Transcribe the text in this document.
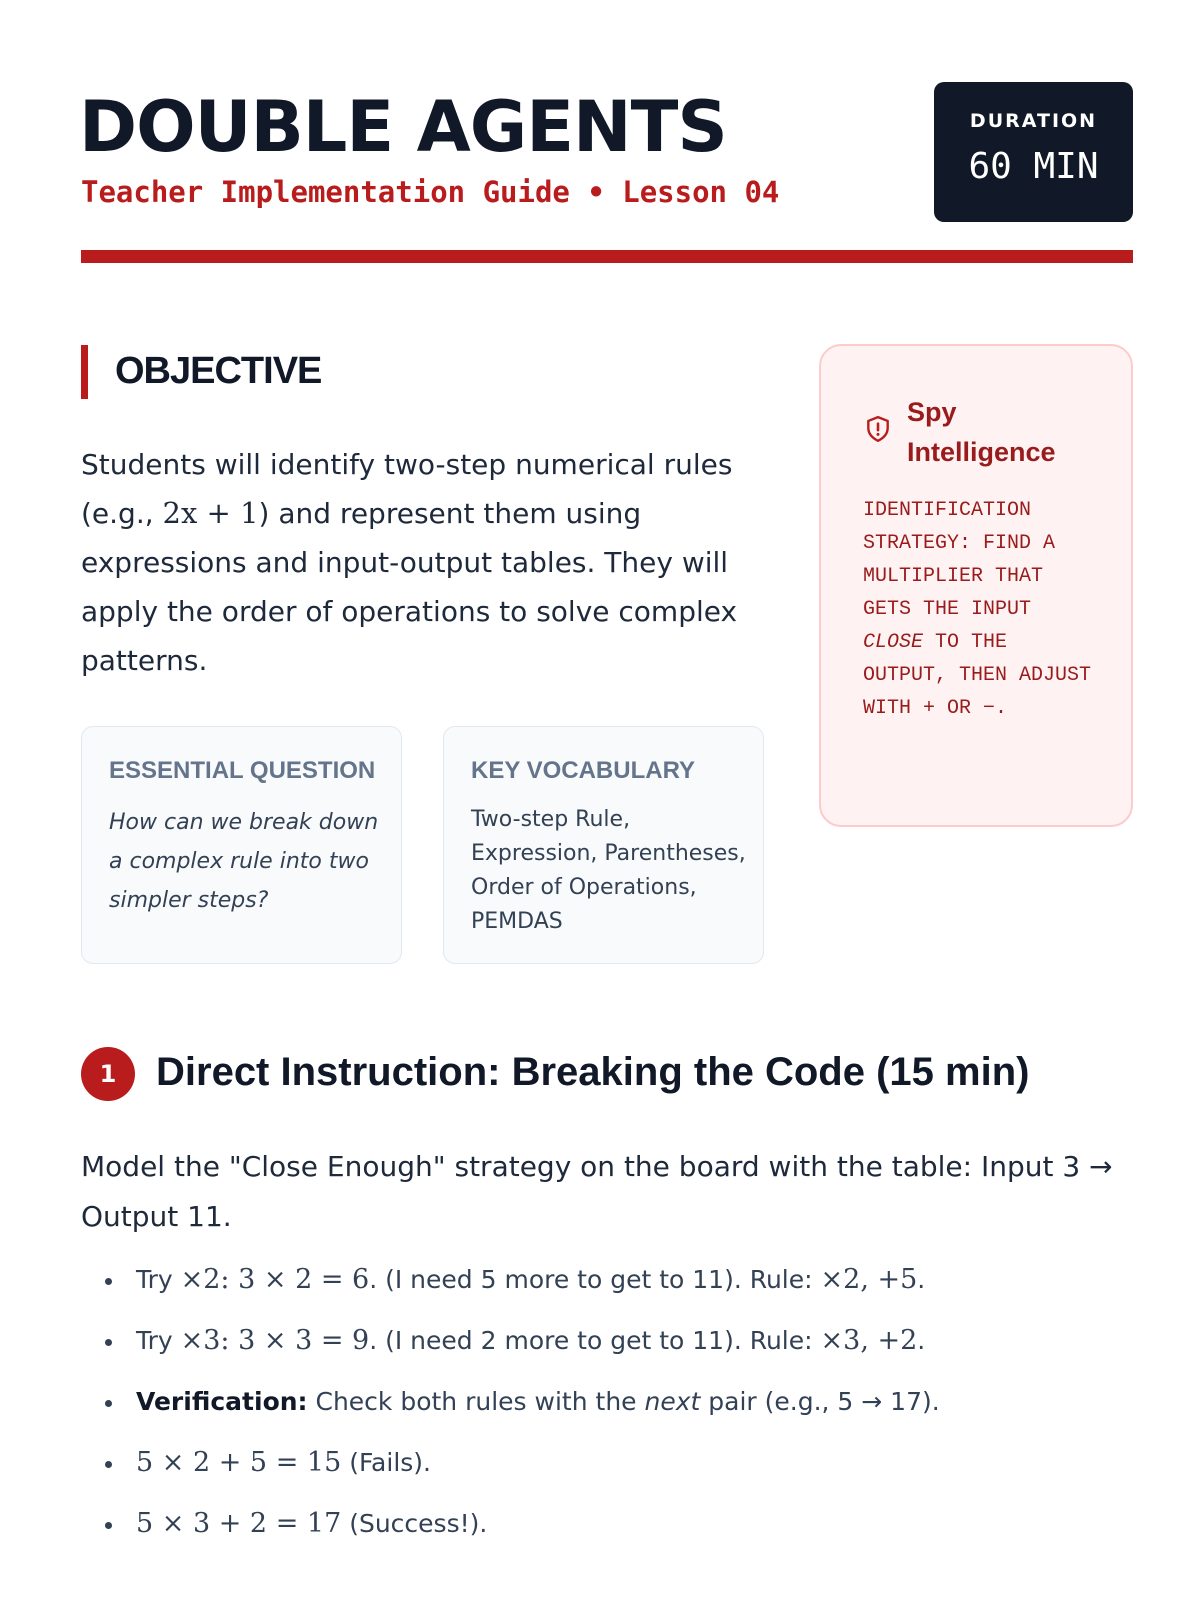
DOUBLE AGENTS
Teacher Implementation Guide • Lesson 04
DURATION
60 MIN
OBJECTIVE
Students will identify two-step numerical rules (e.g., 2x + 1) and represent them using expressions and input-output tables. They will apply the order of operations to solve complex patterns.
ESSENTIAL QUESTION
How can we break down a complex rule into two simpler steps?
KEY VOCABULARY
Two-step Rule, Expression, Parentheses, Order of Operations, PEMDAS
Spy Intelligence
IDENTIFICATION STRATEGY: FIND A MULTIPLIER THAT GETS THE INPUT CLOSE TO THE OUTPUT, THEN ADJUST WITH + OR −.
1 Direct Instruction: Breaking the Code (15 min)
Model the "Close Enough" strategy on the board with the table: Input 3 → Output 11.
Try ×2: 3 × 2 = 6. (I need 5 more to get to 11). Rule: ×2, +5.
Try ×3: 3 × 3 = 9. (I need 2 more to get to 11). Rule: ×3, +2.
Verification: Check both rules with the next pair (e.g., 5 → 17).
5 × 2 + 5 = 15 (Fails).
5 × 3 + 2 = 17 (Success!).
